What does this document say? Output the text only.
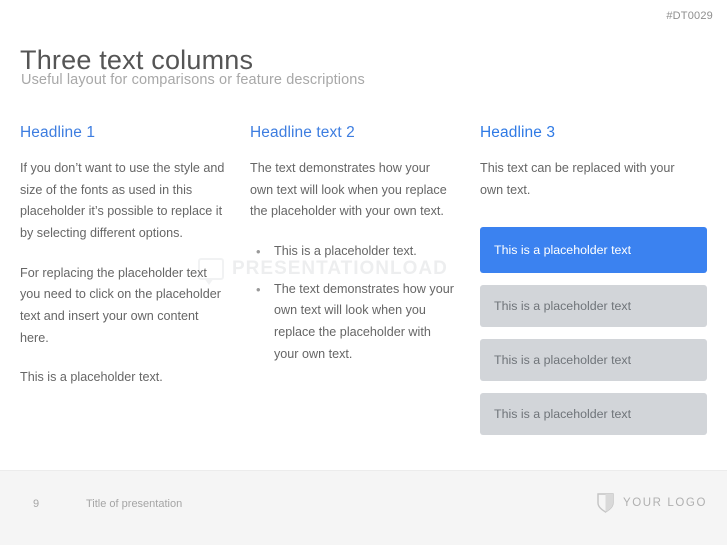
#DT0029
Three text columns
Useful layout for comparisons or feature descriptions
Headline 1

If you don’t want to use the style and size of the fonts as used in this placeholder it’s possible to replace it by selecting different options.

For replacing the placeholder text you need to click on the placeholder text and insert your own content here.

This is a placeholder text.

Headline text 2

The text demonstrates how your own text will look when you replace the placeholder with your own text.

• This is a placeholder text.
• The text demonstrates how your own text will look when you replace the placeholder with your own text.
Headline 3

This text can be replaced with your own text.

This is a placeholder text
This is a placeholder text
This is a placeholder text
This is a placeholder text
PRESENTATIONLOAD
9	Title of presentation	YOUR LOGO
